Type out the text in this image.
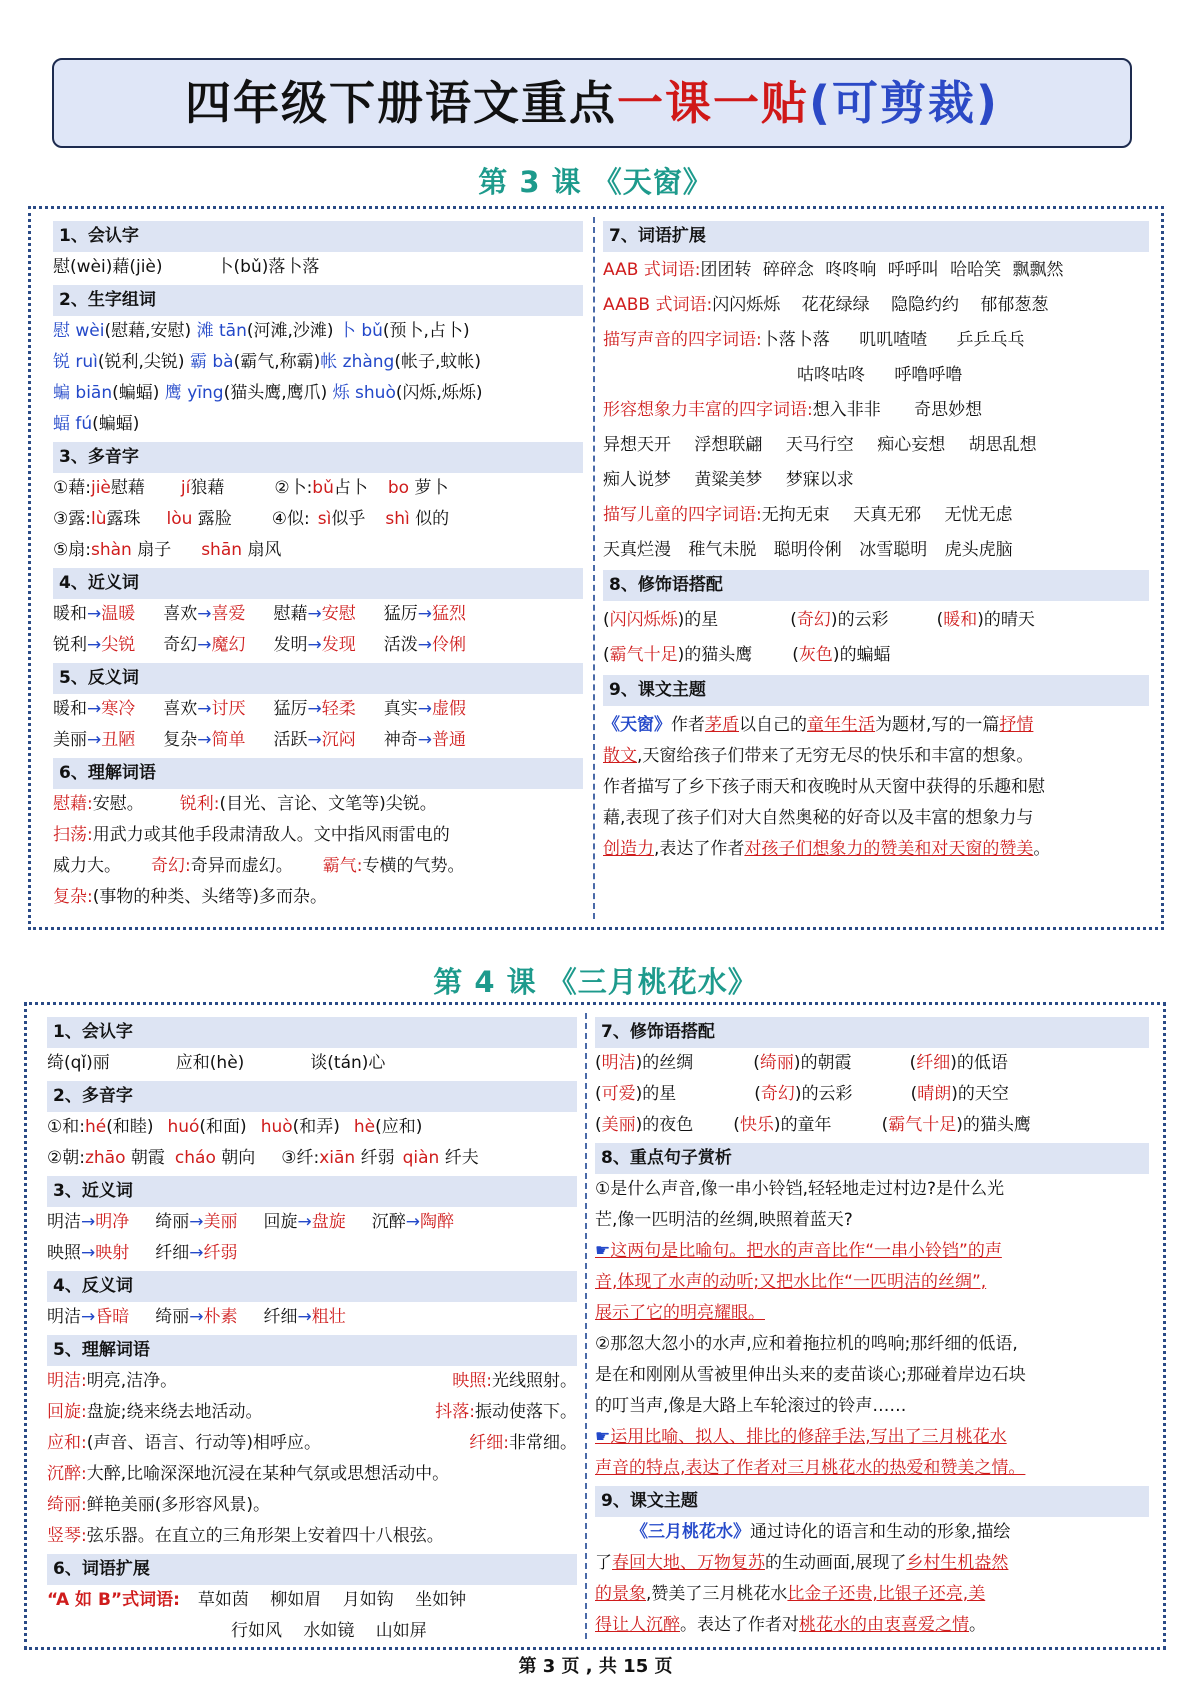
四年级下册语文重点一课一贴(可剪裁)
第 3 课 《天窗》
1、会认字
慰(wèi)藉(jiè)	卜(bǔ)落卜落
2、生字组词
慰 wèi(慰藉,安慰) 滩 tān(河滩,沙滩) 卜 bǔ(预卜,占卜)
锐 ruì(锐利,尖锐) 霸 bà(霸气,称霸)帐 zhàng(帐子,蚊帐)
蝙 biān(蝙蝠) 鹰 yīng(猫头鹰,鹰爪) 烁 shuò(闪烁,烁烁)
蝠 fú(蝙蝠)
3、多音字
①藉:jiè慰藉 jí狼藉	②卜:bǔ占卜 bo 萝卜
③露:lù露珠 lòu 露脸 ④似: sì似乎 shì 似的
⑤扇:shàn 扇子 shān 扇风
4、近义词
暖和→温暖 喜欢→喜爱 慰藉→安慰 猛厉→猛烈
锐利→尖锐 奇幻→魔幻 发明→发现 活泼→伶俐
5、反义词
暖和→寒冷 喜欢→讨厌 猛厉→轻柔 真实→虚假
美丽→丑陋 复杂→简单 活跃→沉闷 神奇→普通
6、理解词语
慰藉:安慰。 锐利:(目光、言论、文笔等)尖锐。
扫荡:用武力或其他手段肃清敌人。文中指风雨雷电的
威力大。 奇幻:奇异而虚幻。 霸气:专横的气势。
复杂:(事物的种类、头绪等)多而杂。
7、词语扩展
AAB 式词语:团团转 碎碎念 咚咚响 呼呼叫 哈哈笑 飘飘然
AABB 式词语:闪闪烁烁 花花绿绿 隐隐约约 郁郁葱葱
描写声音的四字词语:卜落卜落 叽叽喳喳 乒乒乓乓
咕咚咕咚 呼噜呼噜
形容想象力丰富的四字词语:想入非非 奇思妙想
异想天开 浮想联翩 天马行空 痴心妄想 胡思乱想
痴人说梦 黄粱美梦 梦寐以求
描写儿童的四字词语:无拘无束 天真无邪 无忧无虑
天真烂漫 稚气未脱 聪明伶俐 冰雪聪明 虎头虎脑
8、修饰语搭配
(闪闪烁烁)的星	(奇幻)的云彩	(暖和)的晴天
(霸气十足)的猫头鹰 (灰色)的蝙蝠
9、课文主题
《天窗》作者茅盾以自己的童年生活为题材,写的一篇抒情
散文,天窗给孩子们带来了无穷无尽的快乐和丰富的想象。
作者描写了乡下孩子雨天和夜晚时从天窗中获得的乐趣和慰
藉,表现了孩子们对大自然奥秘的好奇以及丰富的想象力与
创造力,表达了作者对孩子们想象力的赞美和对天窗的赞美。
第 4 课 《三月桃花水》
1、会认字
绮(qǐ)丽	应和(hè)	谈(tán)心
2、多音字
①和:hé(和睦) huó(和面) huò(和弄) hè(应和)
②朝:zhāo 朝霞 cháo 朝向 ③纤:xiān 纤弱 qiàn 纤夫
3、近义词
明洁→明净 绮丽→美丽 回旋→盘旋 沉醉→陶醉
映照→映射 纤细→纤弱
4、反义词
明洁→昏暗 绮丽→朴素 纤细→粗壮
5、理解词语
明洁:明亮,洁净。	映照:光线照射。
回旋:盘旋;绕来绕去地活动。	抖落:振动使落下。
应和:(声音、语言、行动等)相呼应。	纤细:非常细。
沉醉:大醉,比喻深深地沉浸在某种气氛或思想活动中。
绮丽:鲜艳美丽(多形容风景)。
竖琴:弦乐器。在直立的三角形架上安着四十八根弦。
6、词语扩展
“A 如 B”式词语: 草如茵 柳如眉 月如钩 坐如钟
行如风 水如镜 山如屏
7、修饰语搭配
(明洁)的丝绸	(绮丽)的朝霞	(纤细)的低语
(可爱)的星	(奇幻)的云彩	(晴朗)的天空
(美丽)的夜色 (快乐)的童年	(霸气十足)的猫头鹰
8、重点句子赏析
①是什么声音,像一串小铃铛,轻轻地走过村边?是什么光
芒,像一匹明洁的丝绸,映照着蓝天?
☛这两句是比喻句。把水的声音比作“一串小铃铛”的声
音,体现了水声的动听;又把水比作“一匹明洁的丝绸”,
展示了它的明亮耀眼。
②那忽大忽小的水声,应和着拖拉机的鸣响;那纤细的低语,
是在和刚刚从雪被里伸出头来的麦苗谈心;那碰着岸边石块
的叮当声,像是大路上车轮滚过的铃声……
☛运用比喻、拟人、排比的修辞手法,写出了三月桃花水
声音的特点,表达了作者对三月桃花水的热爱和赞美之情。
9、课文主题
《三月桃花水》通过诗化的语言和生动的形象,描绘
了春回大地、万物复苏的生动画面,展现了乡村生机盎然
的景象,赞美了三月桃花水比金子还贵,比银子还亮,美
得让人沉醉。表达了作者对桃花水的由衷喜爱之情。
第 3 页 , 共 15 页
